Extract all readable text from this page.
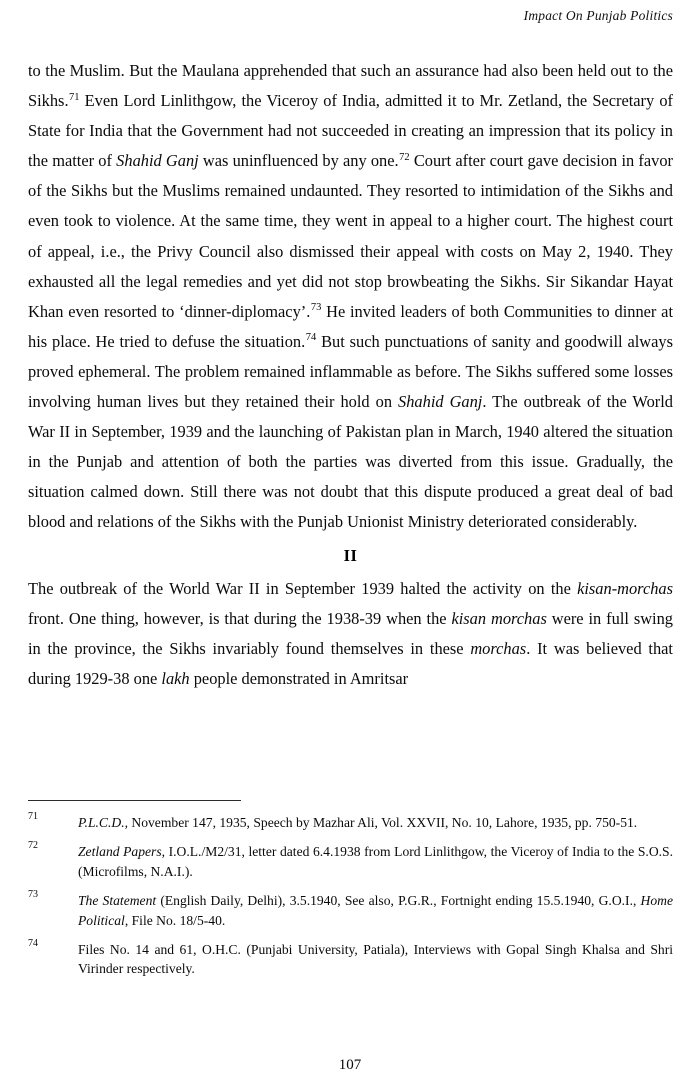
Impact On Punjab Politics

to the Muslim. But the Maulana apprehended that such an assurance had also been held out to the Sikhs.$^{71}$ Even Lord Linlithgow, the Viceroy of India, admitted it to Mr. Zetland, the Secretary of State for India that the Government had not succeeded in creating an impression that its policy in the matter of Shahid Ganj was uninfluenced by any one.$^{72}$ Court after court gave decision in favor of the Sikhs but the Muslims remained undaunted. They resorted to intimidation of the Sikhs and even took to violence. At the same time, they went in appeal to a higher court. The highest court of appeal, i.e., the Privy Council also dismissed their appeal with costs on May 2, 1940. They exhausted all the legal remedies and yet did not stop browbeating the Sikhs. Sir Sikandar Hayat Khan even resorted to ‘dinner-diplomacy’.$^{73}$ He invited leaders of both Communities to dinner at his place. He tried to defuse the situation.$^{74}$ But such punctuations of sanity and goodwill always proved ephemeral. The problem remained inflammable as before. The Sikhs suffered some losses involving human lives but they retained their hold on Shahid Ganj. The outbreak of the World War II in September, 1939 and the launching of Pakistan plan in March, 1940 altered the situation in the Punjab and attention of both the parties was diverted from this issue. Gradually, the situation calmed down. Still there was not doubt that this dispute produced a great deal of bad blood and relations of the Sikhs with the Punjab Unionist Ministry deteriorated considerably.

II

The outbreak of the World War II in September 1939 halted the activity on the kisan-morchas front. One thing, however, is that during the 1938-39 when the kisan morchas were in full swing in the province, the Sikhs invariably found themselves in these morchas. It was believed that during 1929-38 one lakh people demonstrated in Amritsar

71	P.L.C.D., November 147, 1935, Speech by Mazhar Ali, Vol. XXVII, No. 10, Lahore, 1935, pp. 750-51.
72	Zetland Papers, I.O.L./M2/31, letter dated 6.4.1938 from Lord Linlithgow, the Viceroy of India to the S.O.S. (Microfilms, N.A.I.).
73	The Statement (English Daily, Delhi), 3.5.1940, See also, P.G.R., Fortnight ending 15.5.1940, G.O.I., Home Political, File No. 18/5-40.
74	Files No. 14 and 61, O.H.C. (Punjabi University, Patiala), Interviews with Gopal Singh Khalsa and Shri Virinder respectively.
107
